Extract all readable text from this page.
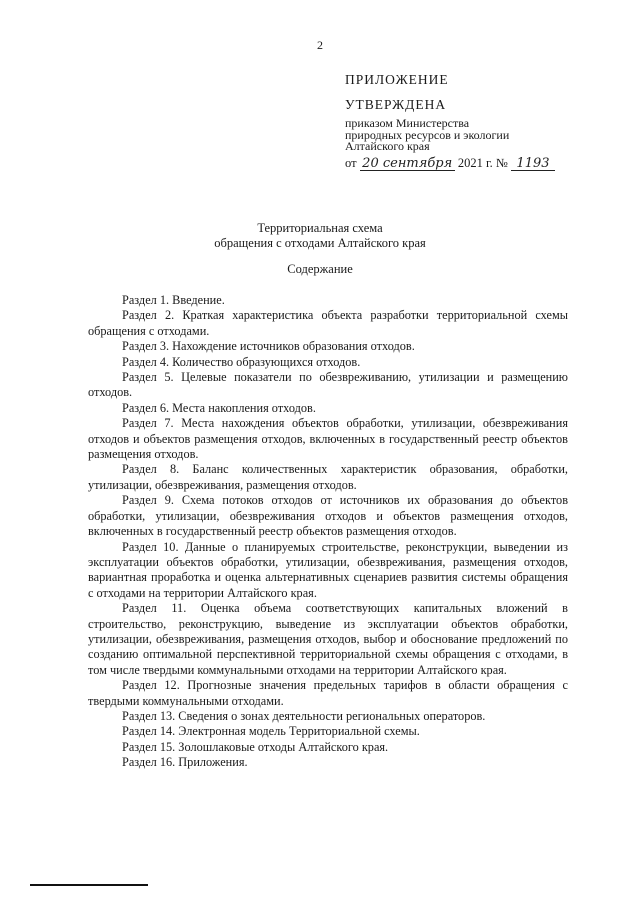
2
ПРИЛОЖЕНИЕ
УТВЕРЖДЕНА
приказом Министерства
природных ресурсов и экологии
Алтайского края
от 20 сентября 2021 г. № 1193
Территориальная схема
обращения с отходами Алтайского края
Содержание

Раздел 1. Введение.

Раздел 2. Краткая характеристика объекта разработки территориальной схемы обращения с отходами.

Раздел 3. Нахождение источников образования отходов.

Раздел 4. Количество образующихся отходов.

Раздел 5. Целевые показатели по обезвреживанию, утилизации и размещению отходов.

Раздел 6. Места накопления отходов.

Раздел 7. Места нахождения объектов обработки, утилизации, обезвреживания отходов и объектов размещения отходов, включенных в государственный реестр объектов размещения отходов.

Раздел 8. Баланс количественных характеристик образования, обработки, утилизации, обезвреживания, размещения отходов.

Раздел 9. Схема потоков отходов от источников их образования до объектов обработки, утилизации, обезвреживания отходов и объектов размещения отходов, включенных в государственный реестр объектов размещения отходов.

Раздел 10. Данные о планируемых строительстве, реконструкции, выведении из эксплуатации объектов обработки, утилизации, обезвреживания, размещения отходов, вариантная проработка и оценка альтернативных сценариев развития системы обращения с отходами на территории Алтайского края.

Раздел 11. Оценка объема соответствующих капитальных вложений в строительство, реконструкцию, выведение из эксплуатации объектов обработки, утилизации, обезвреживания, размещения отходов, выбор и обоснование предложений по созданию оптимальной перспективной территориальной схемы обращения с отходами, в том числе твердыми коммунальными отходами на территории Алтайского края.

Раздел 12. Прогнозные значения предельных тарифов в области обращения с твердыми коммунальными отходами.

Раздел 13. Сведения о зонах деятельности региональных операторов.

Раздел 14. Электронная модель Территориальной схемы.

Раздел 15. Золошлаковые отходы Алтайского края.

Раздел 16. Приложения.
